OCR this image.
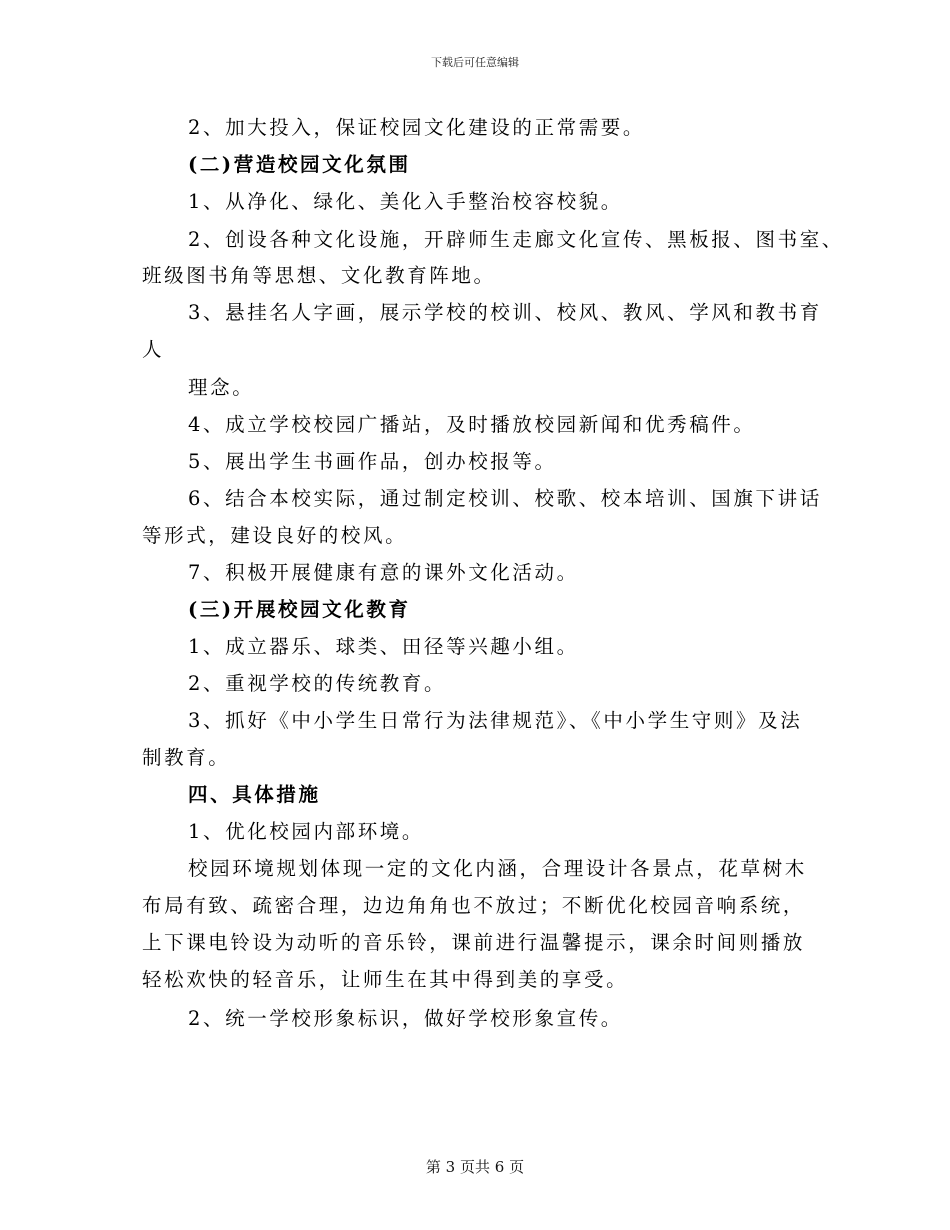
下载后可任意编辑
2、加大投入，保证校园文化建设的正常需要。
(二)营造校园文化氛围
1、从净化、绿化、美化入手整治校容校貌。
2、创设各种文化设施，开辟师生走廊文化宣传、黑板报、图书室、
班级图书角等思想、文化教育阵地。
3、悬挂名人字画，展示学校的校训、校风、教风、学风和教书育
人
理念。
4、成立学校校园广播站，及时播放校园新闻和优秀稿件。
5、展出学生书画作品，创办校报等。
6、结合本校实际，通过制定校训、校歌、校本培训、国旗下讲话
等形式，建设良好的校风。
7、积极开展健康有意的课外文化活动。
(三)开展校园文化教育
1、成立器乐、球类、田径等兴趣小组。
2、重视学校的传统教育。
3、抓好《中小学生日常行为法律规范》、《中小学生守则》及法
制教育。
四、具体措施
1、优化校园内部环境。
校园环境规划体现一定的文化内涵，合理设计各景点，花草树木
布局有致、疏密合理，边边角角也不放过；不断优化校园音响系统，
上下课电铃设为动听的音乐铃，课前进行温馨提示，课余时间则播放
轻松欢快的轻音乐，让师生在其中得到美的享受。
2、统一学校形象标识，做好学校形象宣传。
第 3 页共 6 页
